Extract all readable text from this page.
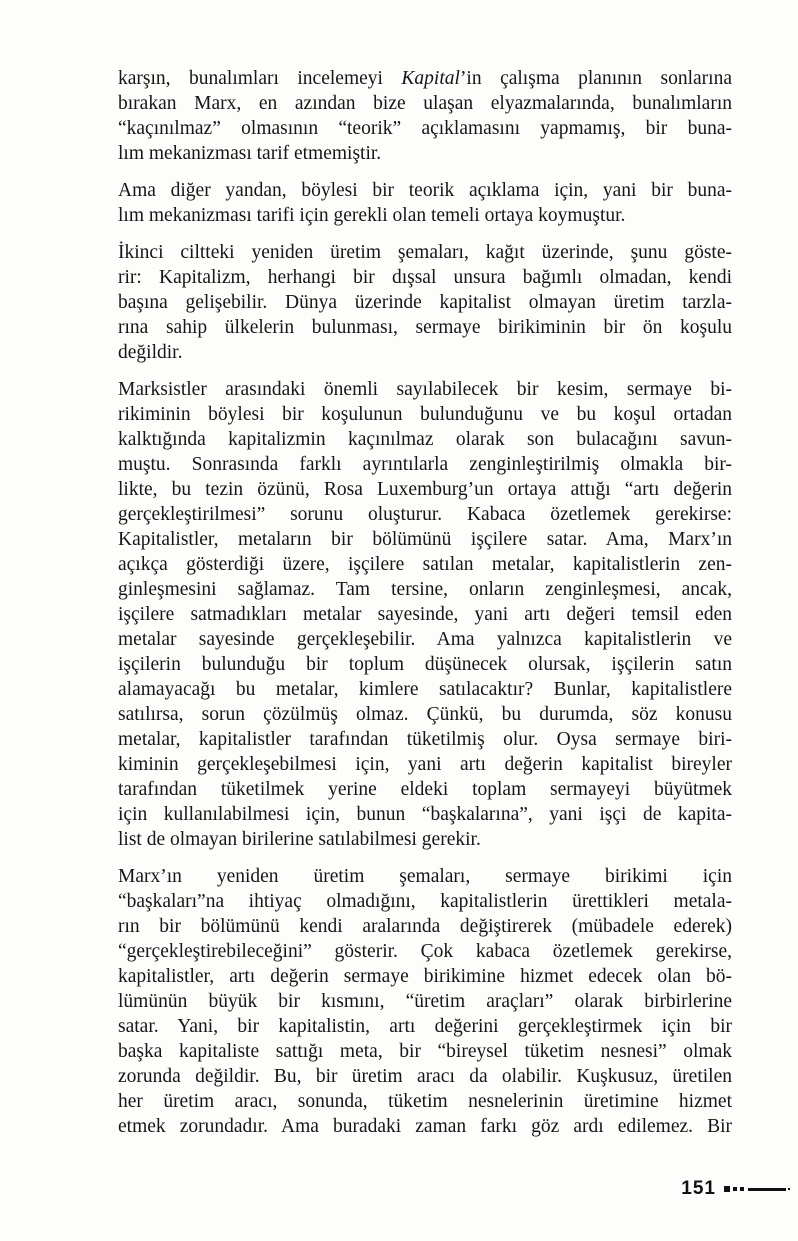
karşın, bunalımları incelemeyi Kapital’in çalışma planının sonlarına
bırakan Marx, en azından bize ulaşan elyazmalarında, bunalımların
“kaçınılmaz” olmasının “teorik” açıklamasını yapmamış, bir buna-
lım mekanizması tarif etmemiştir.

Ama diğer yandan, böylesi bir teorik açıklama için, yani bir buna-
lım mekanizması tarifi için gerekli olan temeli ortaya koymuştur.

İkinci ciltteki yeniden üretim şemaları, kağıt üzerinde, şunu göste-
rir: Kapitalizm, herhangi bir dışsal unsura bağımlı olmadan, kendi
başına gelişebilir. Dünya üzerinde kapitalist olmayan üretim tarzla-
rına sahip ülkelerin bulunması, sermaye birikiminin bir ön koşulu
değildir.

Marksistler arasındaki önemli sayılabilecek bir kesim, sermaye bi-
rikiminin böylesi bir koşulunun bulunduğunu ve bu koşul ortadan
kalktığında kapitalizmin kaçınılmaz olarak son bulacağını savun-
muştu. Sonrasında farklı ayrıntılarla zenginleştirilmiş olmakla bir-
likte, bu tezin özünü, Rosa Luxemburg’un ortaya attığı “artı değerin
gerçekleştirilmesi” sorunu oluşturur. Kabaca özetlemek gerekirse:
Kapitalistler, metaların bir bölümünü işçilere satar. Ama, Marx’ın
açıkça gösterdiği üzere, işçilere satılan metalar, kapitalistlerin zen-
ginleşmesini sağlamaz. Tam tersine, onların zenginleşmesi, ancak,
işçilere satmadıkları metalar sayesinde, yani artı değeri temsil eden
metalar sayesinde gerçekleşebilir. Ama yalnızca kapitalistlerin ve
işçilerin bulunduğu bir toplum düşünecek olursak, işçilerin satın
alamayacağı bu metalar, kimlere satılacaktır? Bunlar, kapitalistlere
satılırsa, sorun çözülmüş olmaz. Çünkü, bu durumda, söz konusu
metalar, kapitalistler tarafından tüketilmiş olur. Oysa sermaye biri-
kiminin gerçekleşebilmesi için, yani artı değerin kapitalist bireyler
tarafından tüketilmek yerine eldeki toplam sermayeyi büyütmek
için kullanılabilmesi için, bunun “başkalarına”, yani işçi de kapita-
list de olmayan birilerine satılabilmesi gerekir.

Marx’ın yeniden üretim şemaları, sermaye birikimi için
“başkaları”na ihtiyaç olmadığını, kapitalistlerin ürettikleri metala-
rın bir bölümünü kendi aralarında değiştirerek (mübadele ederek)
“gerçekleştirebileceğini” gösterir. Çok kabaca özetlemek gerekirse,
kapitalistler, artı değerin sermaye birikimine hizmet edecek olan bö-
lümünün büyük bir kısmını, “üretim araçları” olarak birbirlerine
satar. Yani, bir kapitalistin, artı değerini gerçekleştirmek için bir
başka kapitaliste sattığı meta, bir “bireysel tüketim nesnesi” olmak
zorunda değildir. Bu, bir üretim aracı da olabilir. Kuşkusuz, üretilen
her üretim aracı, sonunda, tüketim nesnelerinin üretimine hizmet
etmek zorundadır. Ama buradaki zaman farkı göz ardı edilemez. Bir

151
